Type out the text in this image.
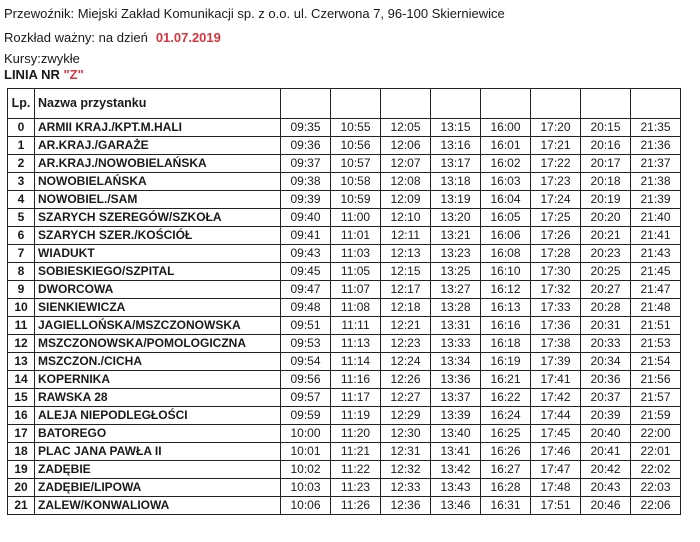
Przewoźnik: Miejski Zakład Komunikacji sp. z o.o. ul. Czerwona 7, 96-100 Skierniewice
Rozkład ważny: na dzień 01.07.2019
Kursy:zwykłe
LINIA NR "Z"
Lp.	Nazwa przystanku								
0	ARMII KRAJ./KPT.M.HALI	09:35	10:55	12:05	13:15	16:00	17:20	20:15	21:35
1	AR.KRAJ./GARAŻE	09:36	10:56	12:06	13:16	16:01	17:21	20:16	21:36
2	AR.KRAJ./NOWOBIELAŃSKA	09:37	10:57	12:07	13:17	16:02	17:22	20:17	21:37
3	NOWOBIELAŃSKA	09:38	10:58	12:08	13:18	16:03	17:23	20:18	21:38
4	NOWOBIEL./SAM	09:39	10:59	12:09	13:19	16:04	17:24	20:19	21:39
5	SZARYCH SZEREGÓW/SZKOŁA	09:40	11:00	12:10	13:20	16:05	17:25	20:20	21:40
6	SZARYCH SZER./KOŚCIÓŁ	09:41	11:01	12:11	13:21	16:06	17:26	20:21	21:41
7	WIADUKT	09:43	11:03	12:13	13:23	16:08	17:28	20:23	21:43
8	SOBIESKIEGO/SZPITAL	09:45	11:05	12:15	13:25	16:10	17:30	20:25	21:45
9	DWORCOWA	09:47	11:07	12:17	13:27	16:12	17:32	20:27	21:47
10	SIENKIEWICZA	09:48	11:08	12:18	13:28	16:13	17:33	20:28	21:48
11	JAGIELLOŃSKA/MSZCZONOWSKA	09:51	11:11	12:21	13:31	16:16	17:36	20:31	21:51
12	MSZCZONOWSKA/POMOLOGICZNA	09:53	11:13	12:23	13:33	16:18	17:38	20:33	21:53
13	MSZCZON./CICHA	09:54	11:14	12:24	13:34	16:19	17:39	20:34	21:54
14	KOPERNIKA	09:56	11:16	12:26	13:36	16:21	17:41	20:36	21:56
15	RAWSKA 28	09:57	11:17	12:27	13:37	16:22	17:42	20:37	21:57
16	ALEJA NIEPODLEGŁOŚCI	09:59	11:19	12:29	13:39	16:24	17:44	20:39	21:59
17	BATOREGO	10:00	11:20	12:30	13:40	16:25	17:45	20:40	22:00
18	PLAC JANA PAWŁA II	10:01	11:21	12:31	13:41	16:26	17:46	20:41	22:01
19	ZADĘBIE	10:02	11:22	12:32	13:42	16:27	17:47	20:42	22:02
20	ZADĘBIE/LIPOWA	10:03	11:23	12:33	13:43	16:28	17:48	20:43	22:03
21	ZALEW/KONWALIOWA	10:06	11:26	12:36	13:46	16:31	17:51	20:46	22:06
